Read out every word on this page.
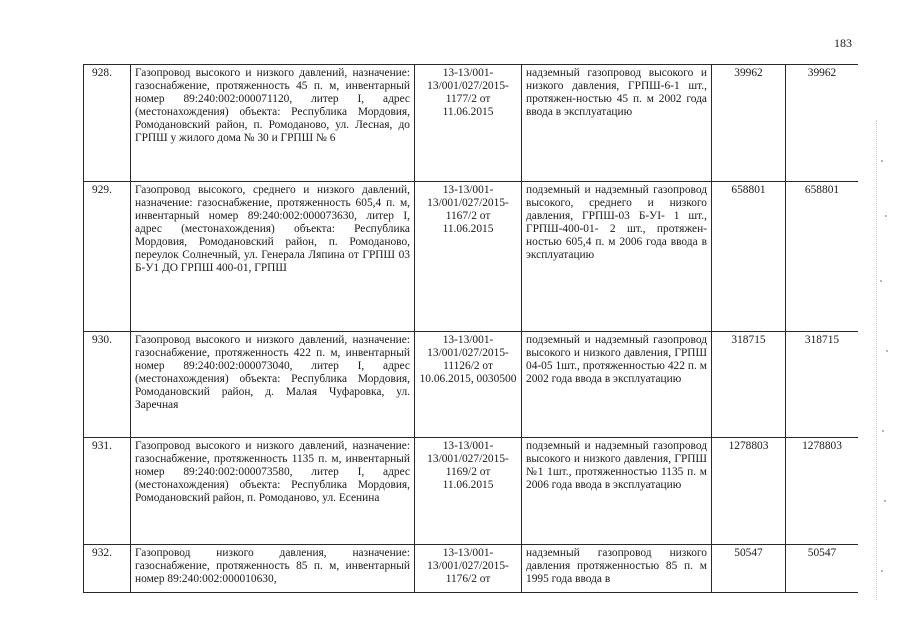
183
928.	Газопровод высокого и низкого давлений, назначение: газоснабжение, протяженность 45 п. м, инвентарный номер 89:240:002:000071120, литер I, адрес (местонахождения) объекта: Республика Мордовия, Ромодановский район, п. Ромоданово, ул. Лесная, до ГРПШ у жилого дома № 30 и ГРПШ № 6	13-13/001-13/001/027/2015-1177/2 от 11.06.2015	надземный газопровод высокого и низкого давления, ГРПШ-6-1 шт., протяжен-ностью 45 п. м 2002 года ввода в эксплуатацию	39962	39962
929.	Газопровод высокого, среднего и низкого давлений, назначение: газоснабжение, протяженность 605,4 п. м, инвентарный номер 89:240:002:000073630, литер I, адрес (местонахождения) объекта: Республика Мордовия, Ромодановский район, п. Ромоданово, переулок Солнечный, ул. Генерала Ляпина от ГРПШ 03 Б-У1 ДО ГРПШ 400-01, ГРПШ	13-13/001-13/001/027/2015-1167/2 от 11.06.2015	подземный и надземный газопровод высокого, среднего и низкого давления, ГРПШ-03 Б-УI- 1 шт., ГРПШ-400-01- 2 шт., протяжен-ностью 605,4 п. м 2006 года ввода в эксплуатацию	658801	658801
930.	Газопровод высокого и низкого давлений, назначение: газоснабжение, протяженность 422 п. м, инвентарный номер 89:240:002:000073040, литер I, адрес (местонахождения) объекта: Республика Мордовия, Ромодановский район, д. Малая Чуфаровка, ул. Заречная	13-13/001-13/001/027/2015-11126/2 от 10.06.2015, 0030500	подземный и надземный газопровод высокого и низкого давления, ГРПШ 04-05 1шт., протяженностью 422 п. м 2002 года ввода в эксплуатацию	318715	318715
931.	Газопровод высокого и низкого давлений, назначение: газоснабжение, протяженность 1135 п. м, инвентарный номер 89:240:002:000073580, литер I, адрес (местонахождения) объекта: Республика Мордовия, Ромодановский район, п. Ромоданово, ул. Есенина	13-13/001-13/001/027/2015-1169/2 от 11.06.2015	подземный и надземный газопровод высокого и низкого давления, ГРПШ №1 1шт., протяженностью 1135 п. м 2006 года ввода в эксплуатацию	1278803	1278803
932.	Газопровод низкого давления, назначение: газоснабжение, протяженность 85 п. м, инвентарный номер 89:240:002:000010630,	13-13/001-13/001/027/2015-1176/2 от	надземный газопровод низкого давления протяженностью 85 п. м 1995 года ввода в	50547	50547
